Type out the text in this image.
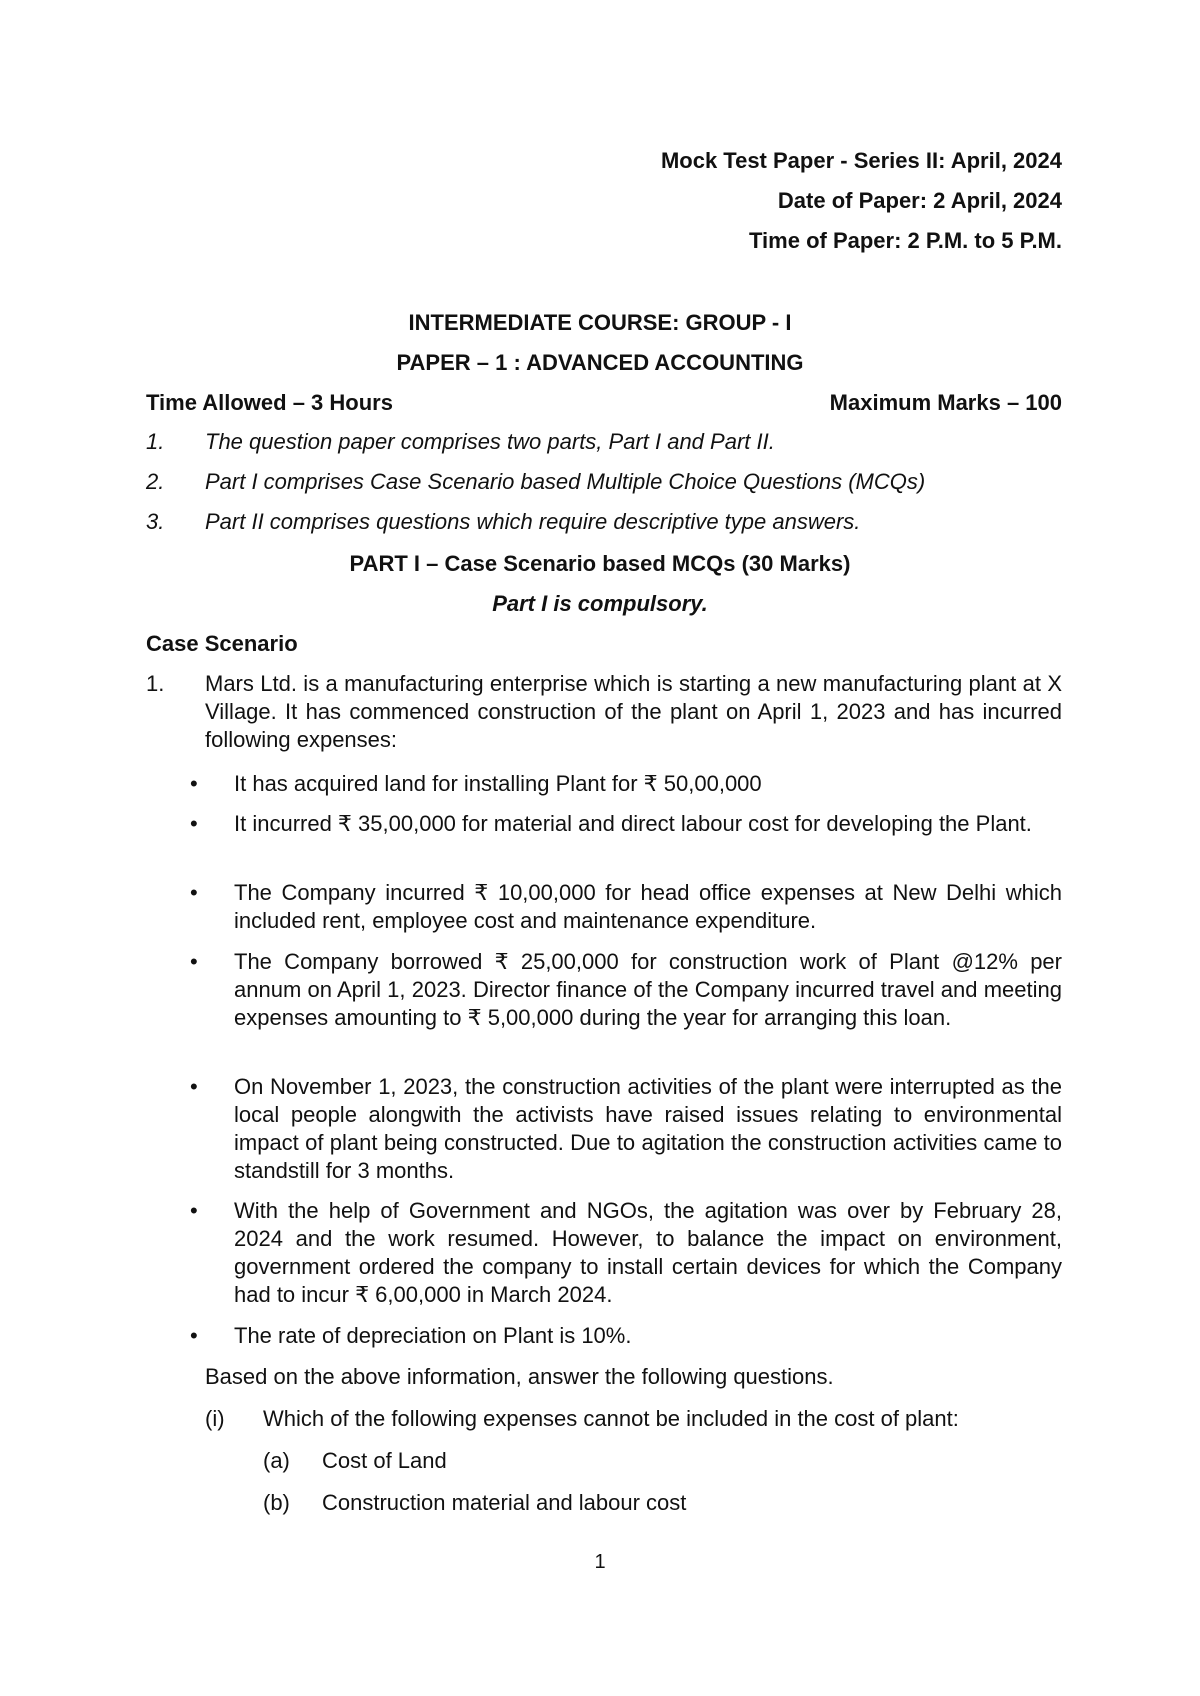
Mock Test Paper - Series II: April, 2024
Date of Paper: 2 April, 2024
Time of Paper: 2 P.M. to 5 P.M.
INTERMEDIATE COURSE: GROUP - I
PAPER – 1 : ADVANCED ACCOUNTING
Time Allowed – 3 Hours	Maximum Marks – 100
1. The question paper comprises two parts, Part I and Part II.
2. Part I comprises Case Scenario based Multiple Choice Questions (MCQs)
3. Part II comprises questions which require descriptive type answers.
PART I – Case Scenario based MCQs (30 Marks)
Part I is compulsory.
Case Scenario
1. Mars Ltd. is a manufacturing enterprise which is starting a new manufacturing plant at X Village. It has commenced construction of the plant on April 1, 2023 and has incurred following expenses:
• It has acquired land for installing Plant for ₹ 50,00,000
• It incurred ₹ 35,00,000 for material and direct labour cost for developing the Plant.
• The Company incurred ₹ 10,00,000 for head office expenses at New Delhi which included rent, employee cost and maintenance expenditure.
• The Company borrowed ₹ 25,00,000 for construction work of Plant @12% per annum on April 1, 2023. Director finance of the Company incurred travel and meeting expenses amounting to ₹ 5,00,000 during the year for arranging this loan.
• On November 1, 2023, the construction activities of the plant were interrupted as the local people alongwith the activists have raised issues relating to environmental impact of plant being constructed. Due to agitation the construction activities came to standstill for 3 months.
• With the help of Government and NGOs, the agitation was over by February 28, 2024 and the work resumed. However, to balance the impact on environment, government ordered the company to install certain devices for which the Company had to incur ₹ 6,00,000 in March 2024.
• The rate of depreciation on Plant is 10%.
Based on the above information, answer the following questions.
(i) Which of the following expenses cannot be included in the cost of plant:
(a) Cost of Land
(b) Construction material and labour cost
1
